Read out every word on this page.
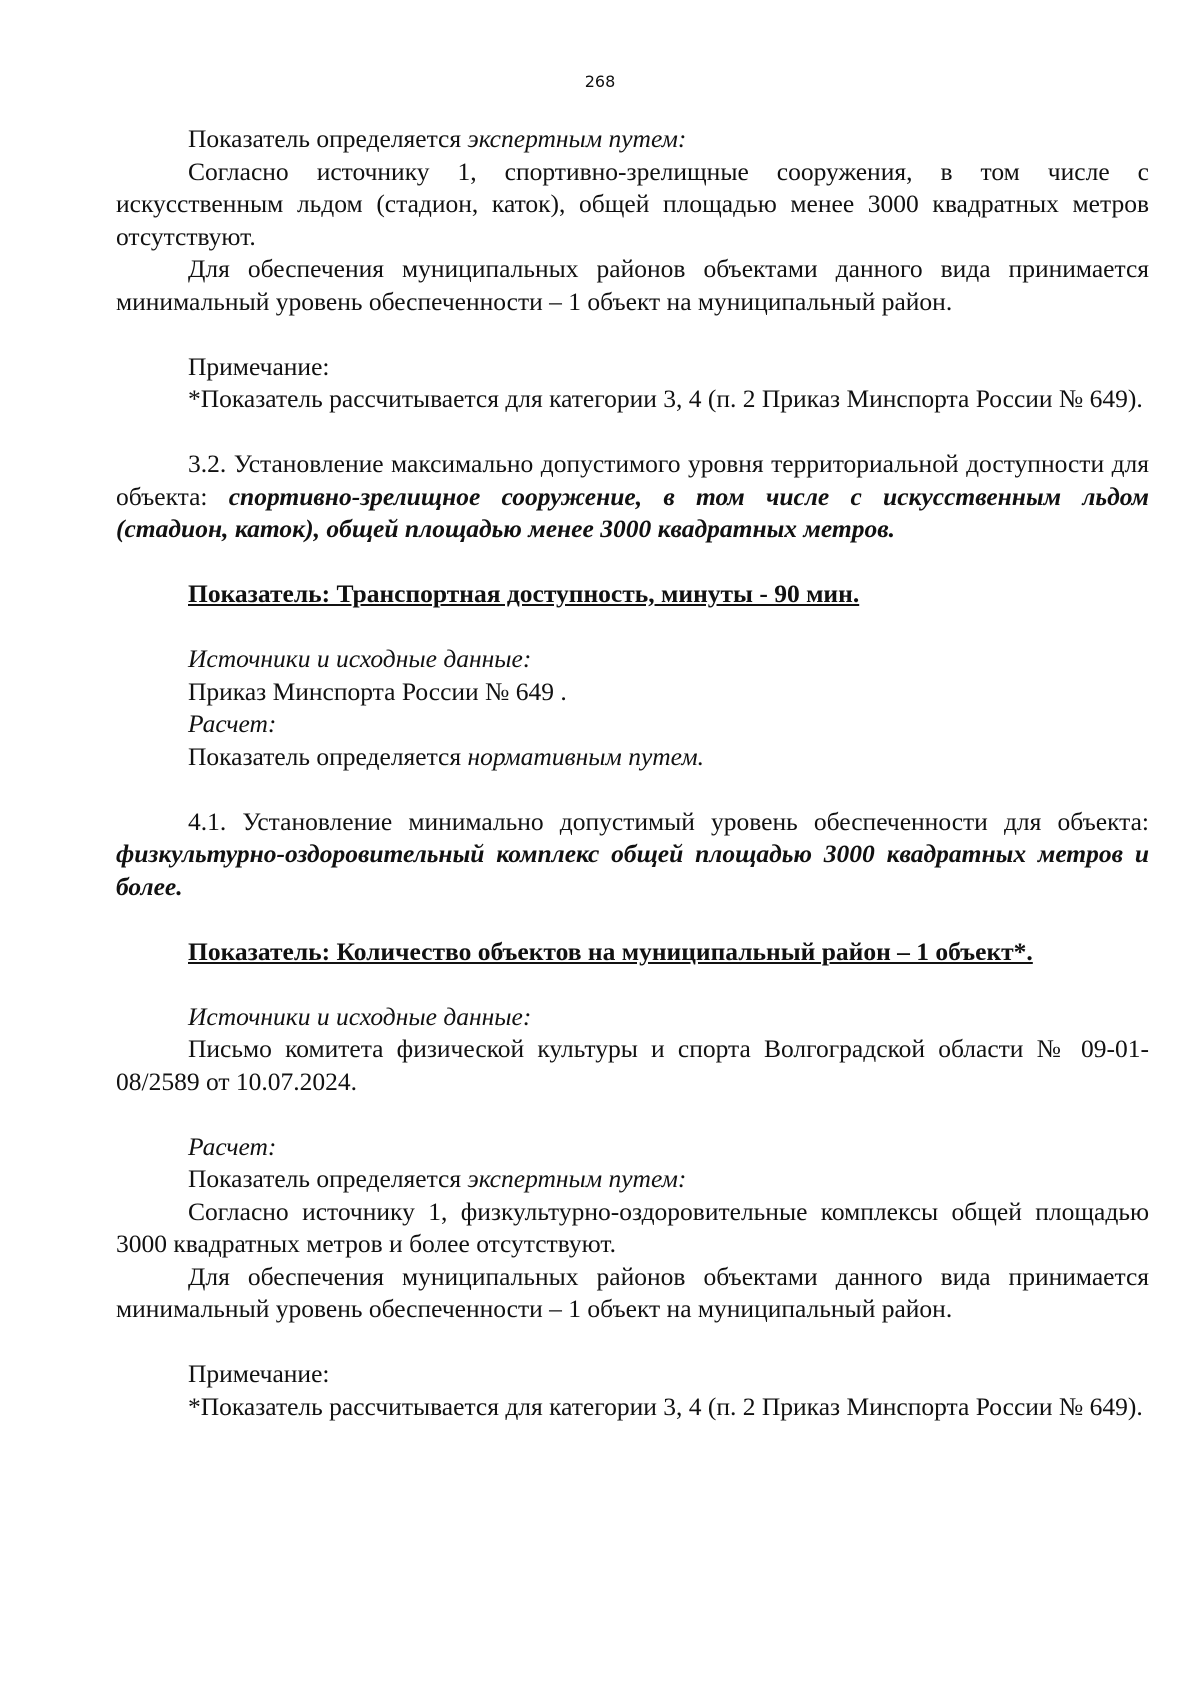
268

Показатель определяется экспертным путем:

Согласно источнику 1, спортивно-зрелищные сооружения, в том числе с искусственным льдом (стадион, каток), общей площадью менее 3000 квадратных метров отсутствуют.

Для обеспечения муниципальных районов объектами данного вида принимается минимальный уровень обеспеченности – 1 объект на муниципальный район.

Примечание:

*Показатель рассчитывается для категории 3, 4 (п. 2 Приказ Минспорта России № 649).

3.2. Установление максимально допустимого уровня территориальной доступности для объекта: спортивно-зрелищное сооружение, в том числе с искусственным льдом (стадион, каток), общей площадью менее 3000 квадратных метров.

Показатель: Транспортная доступность, минуты - 90 мин.

Источники и исходные данные:

Приказ Минспорта России № 649 .

Расчет:

Показатель определяется нормативным путем.

4.1. Установление минимально допустимый уровень обеспеченности для объекта: физкультурно-оздоровительный комплекс общей площадью 3000 квадратных метров и более.

Показатель: Количество объектов на муниципальный район – 1 объект*.

Источники и исходные данные:

Письмо комитета физической культуры и спорта Волгоградской области № 09-01-08/2589 от 10.07.2024.

Расчет:

Показатель определяется экспертным путем:

Согласно источнику 1, физкультурно-оздоровительные комплексы общей площадью 3000 квадратных метров и более отсутствуют.

Для обеспечения муниципальных районов объектами данного вида принимается минимальный уровень обеспеченности – 1 объект на муниципальный район.

Примечание:

*Показатель рассчитывается для категории 3, 4 (п. 2 Приказ Минспорта России № 649).
